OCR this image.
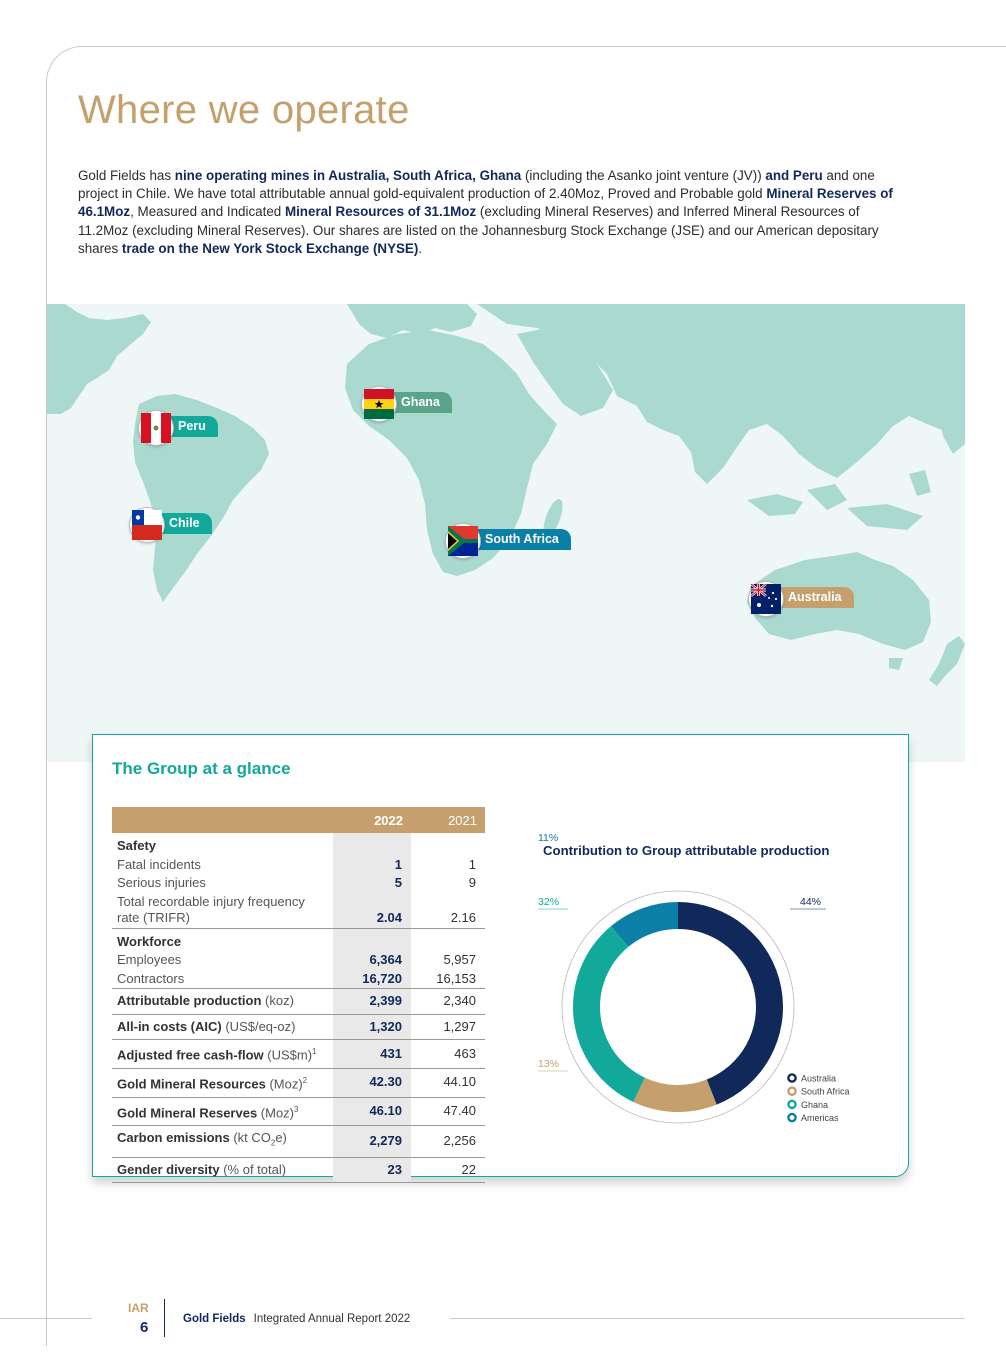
Where we operate

Gold Fields has nine operating mines in Australia, South Africa, Ghana (including the Asanko joint venture (JV)) and Peru and one project in Chile. We have total attributable annual gold-equivalent production of 2.40Moz, Proved and Probable gold Mineral Reserves of 46.1Moz, Measured and Indicated Mineral Resources of 31.1Moz (excluding Mineral Reserves) and Inferred Mineral Resources of 11.2Moz (excluding Mineral Reserves). Our shares are listed on the Johannesburg Stock Exchange (JSE) and our American depositary shares trade on the New York Stock Exchange (NYSE).

Peru
Ghana
Chile
South Africa
Australia
The Group at a glance
	2022	2021
Safety		
Fatal incidents	1	1
Serious injuries	5	9
Total recordable injury frequency rate (TRIFR)	2.04	2.16
Workforce		
Employees	6,364	5,957
Contractors	16,720	16,153
Attributable production (koz)	2,399	2,340
All-in costs (AIC) (US$/eq-oz)	1,320	1,297
Adjusted free cash-flow (US$m)$^1$	431	463
Gold Mineral Resources (Moz)$^2$	42.30	44.10
Gold Mineral Reserves (Moz)$^3$	46.10	47.40
Carbon emissions (kt $CO_2e$)	2,279	2,256
Gender diversity (% of total)	23	22

Contribution to Group attributable production

44%
13%
32%
11%
Australia
South Africa
Ghana
Americas
IAR
6	Gold Fields Integrated Annual Report 2022
